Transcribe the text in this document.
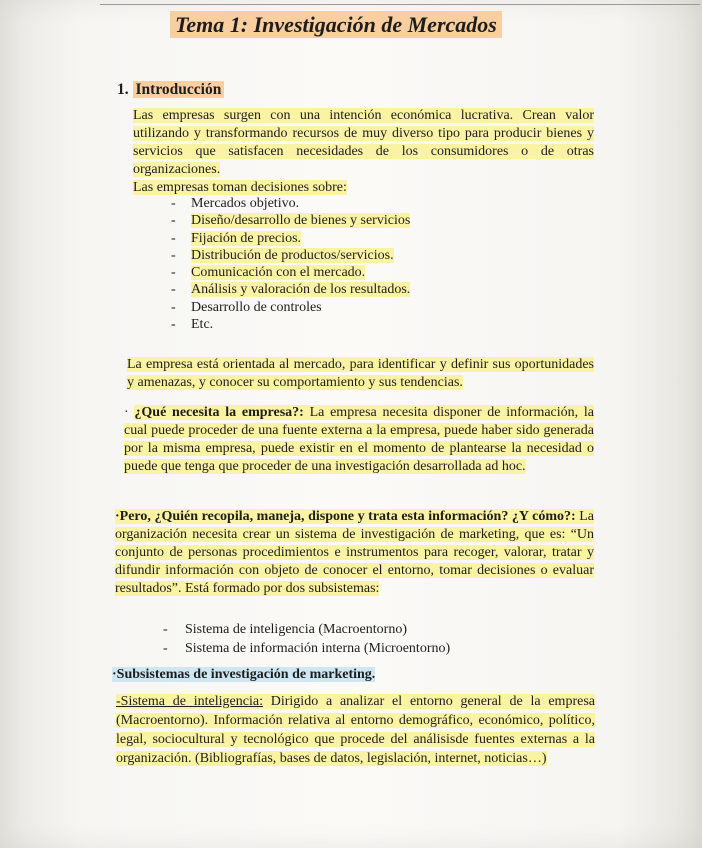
Tema 1: Investigación de Mercados
1. Introducción
Las empresas surgen con una intención económica lucrativa. Crean valor utilizando y transformando recursos de muy diverso tipo para producir bienes y servicios que satisfacen necesidades de los consumidores o de otras organizaciones.
Las empresas toman decisiones sobre:
- Mercados objetivo.
- Diseño/desarrollo de bienes y servicios
- Fijación de precios.
- Distribución de productos/servicios.
- Comunicación con el mercado.
- Análisis y valoración de los resultados.
- Desarrollo de controles
- Etc.
La empresa está orientada al mercado, para identificar y definir sus oportunidades y amenazas, y conocer su comportamiento y sus tendencias.
· ¿Qué necesita la empresa?: La empresa necesita disponer de información, la cual puede proceder de una fuente externa a la empresa, puede haber sido generada por la misma empresa, puede existir en el momento de plantearse la necesidad o puede que tenga que proceder de una investigación desarrollada ad hoc.
·Pero, ¿Quién recopila, maneja, dispone y trata esta información? ¿Y cómo?: La organización necesita crear un sistema de investigación de marketing, que es: “Un conjunto de personas procedimientos e instrumentos para recoger, valorar, tratar y difundir información con objeto de conocer el entorno, tomar decisiones o evaluar resultados”. Está formado por dos subsistemas:
- Sistema de inteligencia (Macroentorno)
- Sistema de información interna (Microentorno)
·Subsistemas de investigación de marketing.
-Sistema de inteligencia: Dirigido a analizar el entorno general de la empresa (Macroentorno). Información relativa al entorno demográfico, económico, político, legal, sociocultural y tecnológico que procede del análisisde fuentes externas a la organización. (Bibliografías, bases de datos, legislación, internet, noticias…)
